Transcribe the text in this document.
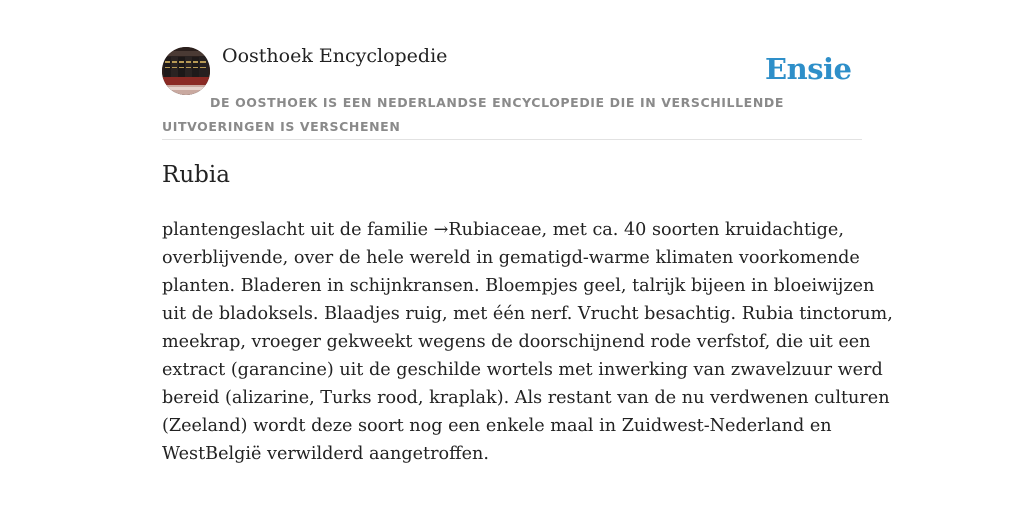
Oosthoek Encyclopedie	Ensie
DE OOSTHOEK IS EEN NEDERLANDSE ENCYCLOPEDIE DIE IN VERSCHILLENDE UITVOERINGEN IS VERSCHENEN
Rubia
plantengeslacht uit de familie →Rubiaceae, met ca. 40 soorten kruidachtige,
overblijvende, over de hele wereld in gematigd-warme klimaten voorkomende
planten. Bladeren in schijnkransen. Bloempjes geel, talrijk bijeen in bloeiwijzen
uit de bladoksels. Blaadjes ruig, met één nerf. Vrucht besachtig. Rubia tinctorum,
meekrap, vroeger gekweekt wegens de doorschijnend rode verfstof, die uit een
extract (garancine) uit de geschilde wortels met inwerking van zwavelzuur werd
bereid (alizarine, Turks rood, kraplak). Als restant van de nu verdwenen culturen
(Zeeland) wordt deze soort nog een enkele maal in Zuidwest-Nederland en
WestBelgië verwilderd aangetroffen.
